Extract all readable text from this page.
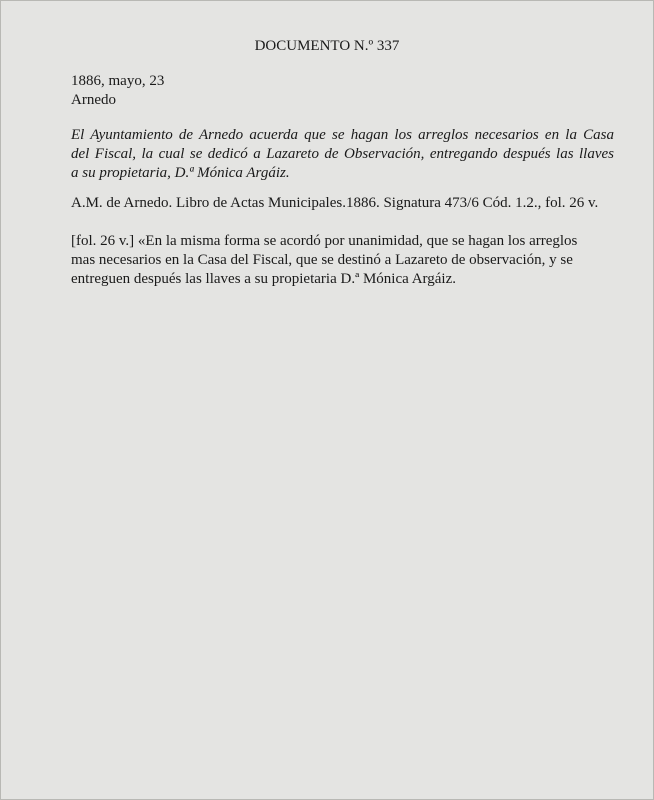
DOCUMENTO N.º 337
1886, mayo, 23
Arnedo
El Ayuntamiento de Arnedo acuerda que se hagan los arreglos necesarios en la Casa
del Fiscal, la cual se dedicó a Lazareto de Observación, entregando después las llaves
a su propietaria, D.ª Mónica Argáiz.
A.M. de Arnedo. Libro de Actas Municipales.1886. Signatura 473/6 Cód. 1.2., fol. 26 v.
[fol. 26 v.] «En la misma forma se acordó por unanimidad, que se hagan los arreglos
mas necesarios en la Casa del Fiscal, que se destinó a Lazareto de observación, y se
entreguen después las llaves a su propietaria D.ª Mónica Argáiz.
